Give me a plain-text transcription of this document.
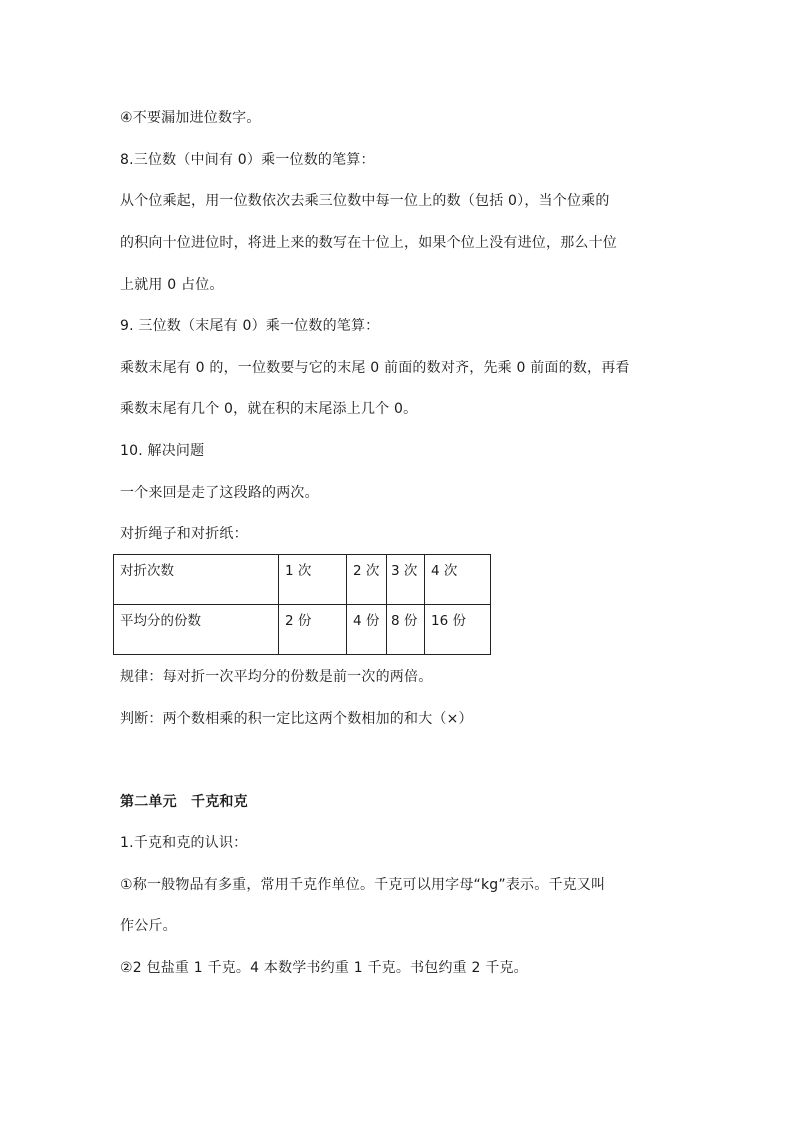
④不要漏加进位数字。
8.三位数（中间有 0）乘一位数的笔算：
从个位乘起，用一位数依次去乘三位数中每一位上的数（包括 0），当个位乘的
的积向十位进位时，将进上来的数写在十位上，如果个位上没有进位，那么十位
上就用 0 占位。
9. 三位数（末尾有 0）乘一位数的笔算：
乘数末尾有 0 的，一位数要与它的末尾 0 前面的数对齐，先乘 0 前面的数，再看
乘数末尾有几个 0，就在积的末尾添上几个 0。
10. 解决问题
一个来回是走了这段路的两次。
对折绳子和对折纸：
对折次数	1 次	2 次	3 次	4 次
平均分的份数	2 份	4 份	8 份	16 份
规律：每对折一次平均分的份数是前一次的两倍。
判断：两个数相乘的积一定比这两个数相加的和大（×）
第二单元　千克和克
1.千克和克的认识：
①称一般物品有多重，常用千克作单位。千克可以用字母“kg”表示。千克又叫
作公斤。
②2 包盐重 1 千克。4 本数学书约重 1 千克。书包约重 2 千克。
